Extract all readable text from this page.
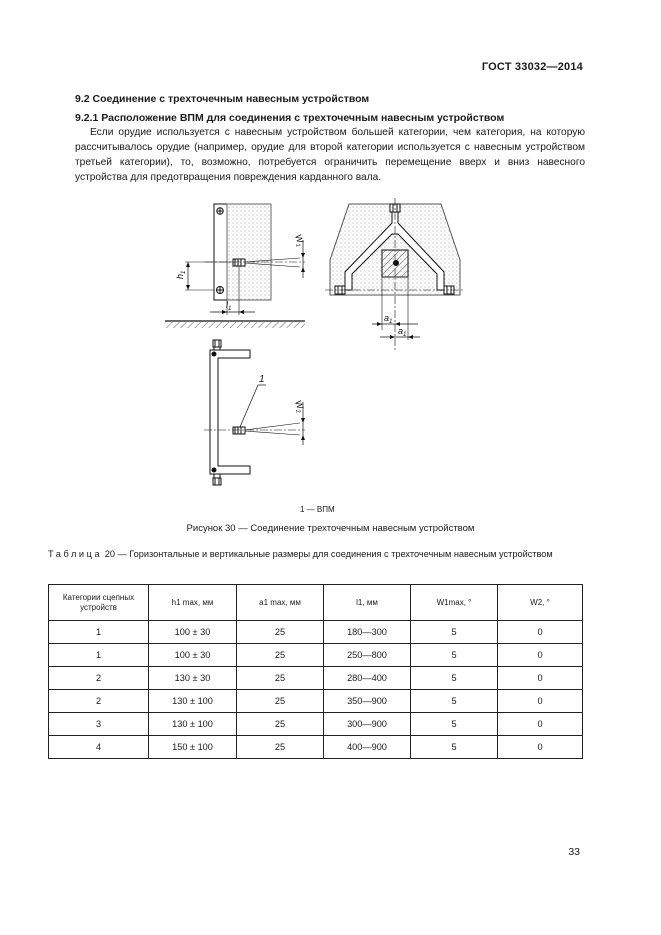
ГОСТ 33032—2014
9.2 Соединение с трехточечным навесным устройством
9.2.1 Расположение ВПМ для соединения с трехточечным навесным устройством
Если орудие используется с навесным устройством большей категории, чем категория, на которую рассчитывалось орудие (например, орудие для второй категории используется с навесным устройством третьей категории), то, возможно, потребуется ограничить перемещение вверх и вниз навесного устройства для предотвращения повреждения карданного вала.
$h_1$
$l_1$
$W_1$
$a_1$
$a_1$
1
$W_2$
1 — ВПМ
Рисунок 30 — Соединение трехточечным навесным устройством
Таблица 20 — Горизонтальные и вертикальные размеры для соединения с трехточечным навесным устройством
Категории сцепных устройств	h1 max, мм	a1 max, мм	l1, мм	W1max, °	W2, °
1	100 ± 30	25	180—300	5	0
1	100 ± 30	25	250—800	5	0
2	130 ± 30	25	280—400	5	0
2	130 ± 100	25	350—900	5	0
3	130 ± 100	25	300—900	5	0
4	150 ± 100	25	400—900	5	0
33
